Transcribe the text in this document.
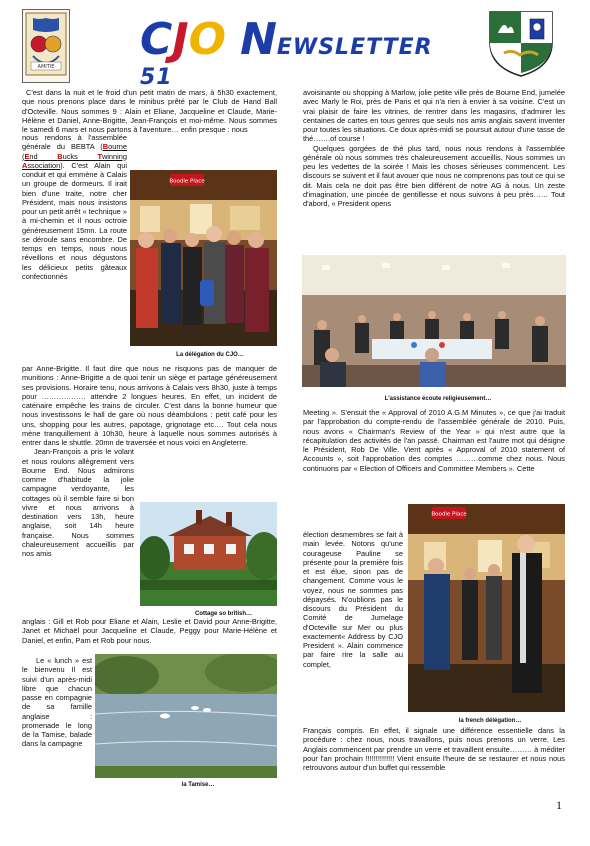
AMITIE
CJO NEWSLETTER 51

C'est dans la nuit et le froid d'un petit matin de mars, à 5h30 exactement, que nous prenons place dans le minibus prêté par le Club de Hand Ball d'Octeville. Nous sommes 9 : Alain et Eliane, Jacqueline et Claude, Marie-Hélène et Daniel, Anne-Brigitte, Jean-François et moi-même. Nous sommes le samedi 6 mars et nous partons à l'aventure… enfin presque : nous

nous rendons à l'assemblée générale du BEBTA (Bourne (End Bucks Twinning Association). C'est Alain qui conduit et qui emmène à Calais un groupe de dormeurs. Il irait bien d'une traite, notre cher Président, mais nous insistons pour un petit arrêt « technique » à mi-chemin et il nous octroie généreusement 15mn. La route se déroule sans encombre. De temps en temps, nous nous réveillons et nous dégustons les délicieux petits gâteaux confectionnés
Boodle Place
La délégation du CJO…

par Anne-Brigitte. Il faut dire que nous ne risquons pas de manquer de munitions : Anne-Brigitte a de quoi tenir un siège et partage généreusement ses provisions. Horaire tenu, nous arrivons à Calais vers 8h30, juste à temps pour ……………… attendre 2 longues heures. En effet, un incident de caténaire empêche les trains de circuler. C'est dans la bonne humeur que nous investissons le hall de gare où nous déambulons : petit café pour les uns, shopping pour les autres, papotage, grignotage etc…. Tout cela nous mène tranquillement à 10h30, heure à laquelle nous sommes autorisés à entrer dans le shuttle. 20mn de traversée et nous voici en Angleterre.

Jean-François a pris le volant et nous roulons allègrement vers Bourne End. Nous admirons comme d'habitude la jolie campagne verdoyante, les cottages où il semble faire si bon vivre et nous arrivons à destination vers 13h, heure anglaise, soit 14h heure française. Nous sommes chaleureusement accueillis par nos amis

Cottage so british…

anglais : Gill et Rob pour Eliane et Alain, Leslie et David pour Anne-Brigitte, Janet et Michaël pour Jacqueline et Claude, Peggy pour Marie-Hélène et Daniel, et enfin, Pam et Rob pour nous.

Le « lunch » est le bienvenu Il est suivi d'un après-midi libre que chacun passe en compagnie de sa famille anglaise : promenade le long de la Tamise, balade dans la campagne

la Tamise…

avoisinante ou shopping à Marlow, jolie petite ville près de Bourne End, jumelée avec Marly le Roi, près de Paris et qui n'a rien à envier à sa voisine. C'est un vrai plaisir de faire les vitrines, de rentrer dans les magasins, d'admirer les centaines de cartes en tous genres que seuls nos amis anglais savent inventer pour toutes les situations. Ce doux après-midi se poursuit autour d'une tasse de thé…….of course !

Quelques gorgées de thé plus tard, nous nous rendons à l'assemblée générale où nous sommes très chaleureusement accueillis. Nous sommes un peu les vedettes de la soirée ! Mais les choses sérieuses commencent. Les discours se suivent et il faut avouer que nous ne comprenons pas tout ce qui se dit. Mais cela ne doit pas être bien différent de notre AG à nous. Un zeste d'imagination, une pincée de gentillesse et nous suivons à peu près…… Tout d'abord, « President opens

L'assistance écoute religieusement…

Meeting ». S'ensuit the « Approval of 2010 A.G.M Minutes », ce que j'ai traduit par l'approbation du compte-rendu de l'assemblée générale de 2010. Puis, nous avons « Chairman's Review of the Year » qui n'est autre que la récapitulation des activités de l'an passé. Chairman est l'autre mot qui désigne le Président, Rob De Ville. Vient après « Approval of 2010 statement of Accounts », soit l'approbation des comptes ………comme chez nous. Nous continuons par « Election of Officers and Committee Members ». Cette

élection desmembres se fait à main levée. Notons qu'une courageuse Pauline se présente pour la première fois et est élue, sinon pas de changement. Comme vous le voyez, nous ne sommes pas dépaysés. N'oublions pas le discours du Président du Comité de Jumelage d'Octeville sur Mer ou plus exactement« Address by CJO President ». Alain commence par faire rire la salle au complet,

Boodle Place
la french délégation…

Français compris. En effet, il signale une différence essentielle dans la procédure : chez nous, nous travaillons, puis nous prenons un verre. Les Anglais commencent par prendre un verre et travaillent ensuite……… à méditer pour l'an prochain !!!!!!!!!!!!!! Vient ensuite l'heure de se restaurer et nous nous retrouvons autour d'un buffet qui ressemble

1
